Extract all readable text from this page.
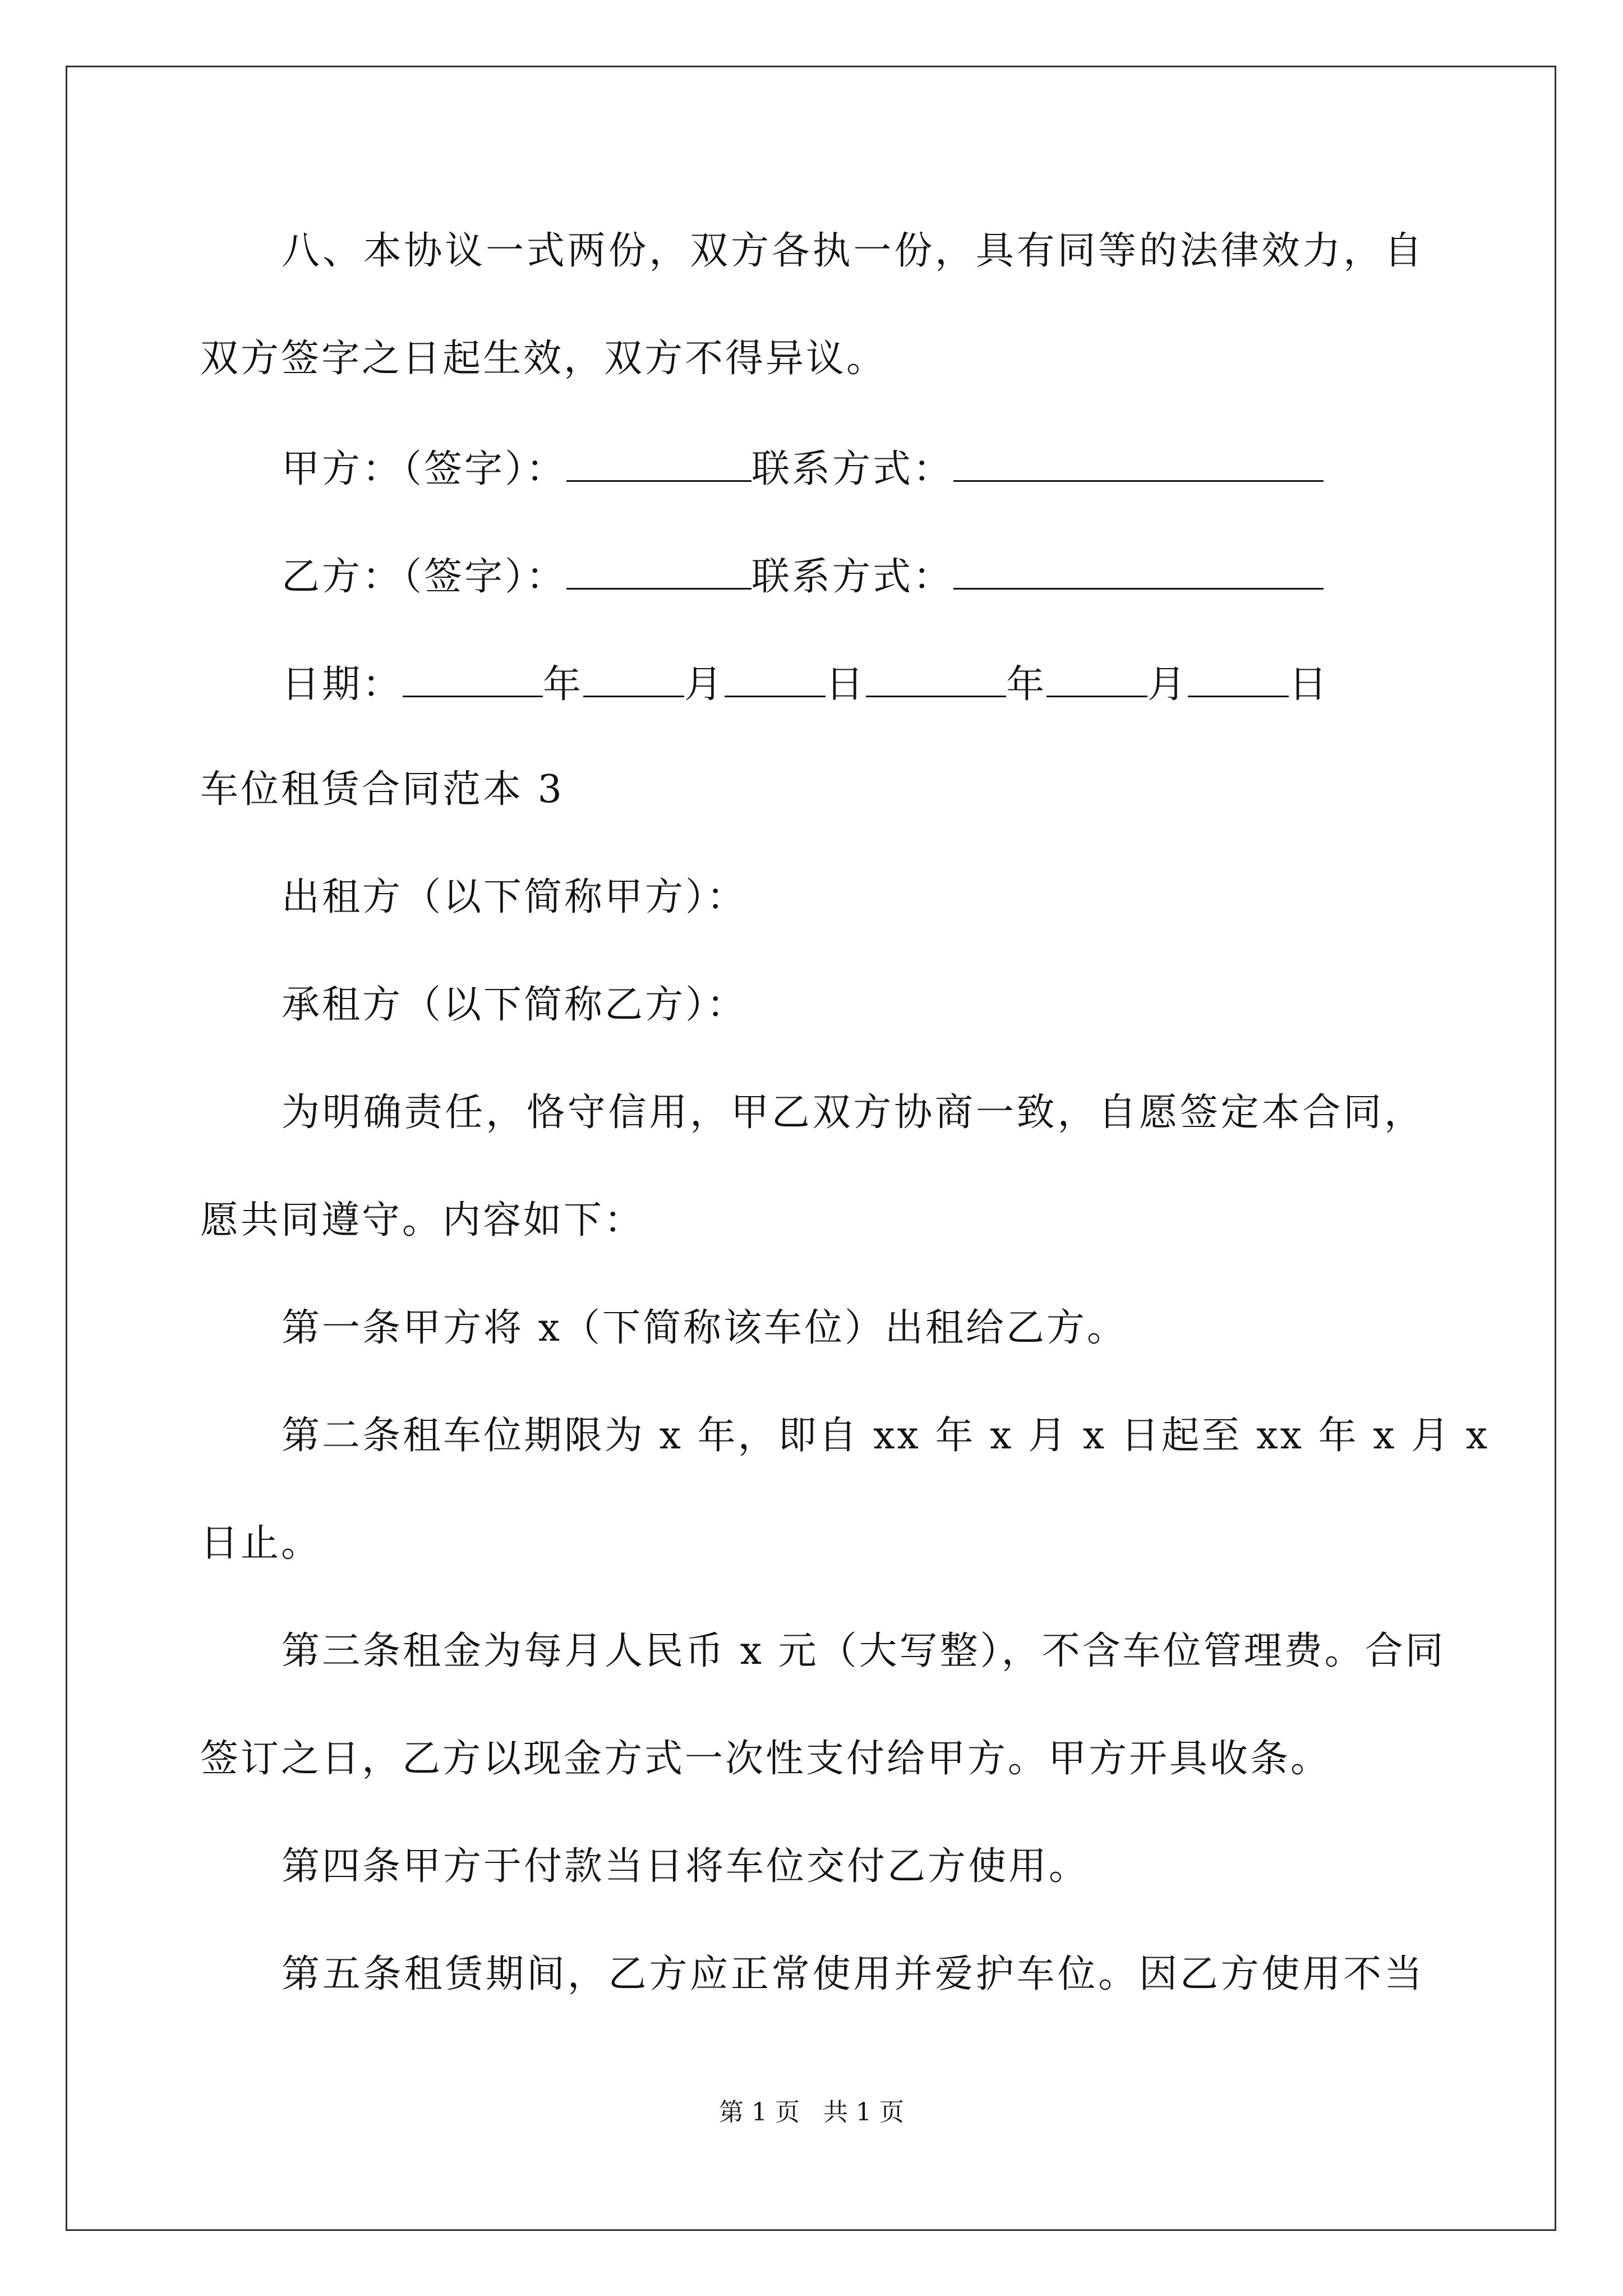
八、本协议一式两份，双方各执一份，具有同等的法律效力，自
双方签字之日起生效，双方不得异议。
甲方：（签字）：	联系方式：
乙方：（签字）：	联系方式：
日期：	年	月	日	年	月	日
车位租赁合同范本 3
出租方（以下简称甲方）：
承租方（以下简称乙方）：
为明确责任，恪守信用，甲乙双方协商一致，自愿签定本合同，
愿共同遵守。内容如下：
第一条甲方将 x（下简称该车位）出租给乙方。
第二条租车位期限为 x 年，即自 xx 年 x 月 x 日起至 xx 年 x 月 x
日止。
第三条租金为每月人民币 x 元（大写整），不含车位管理费。合同
签订之日，乙方以现金方式一次性支付给甲方。甲方开具收条。
第四条甲方于付款当日将车位交付乙方使用。
第五条租赁期间，乙方应正常使用并爱护车位。因乙方使用不当
第 1 页   共 1 页
